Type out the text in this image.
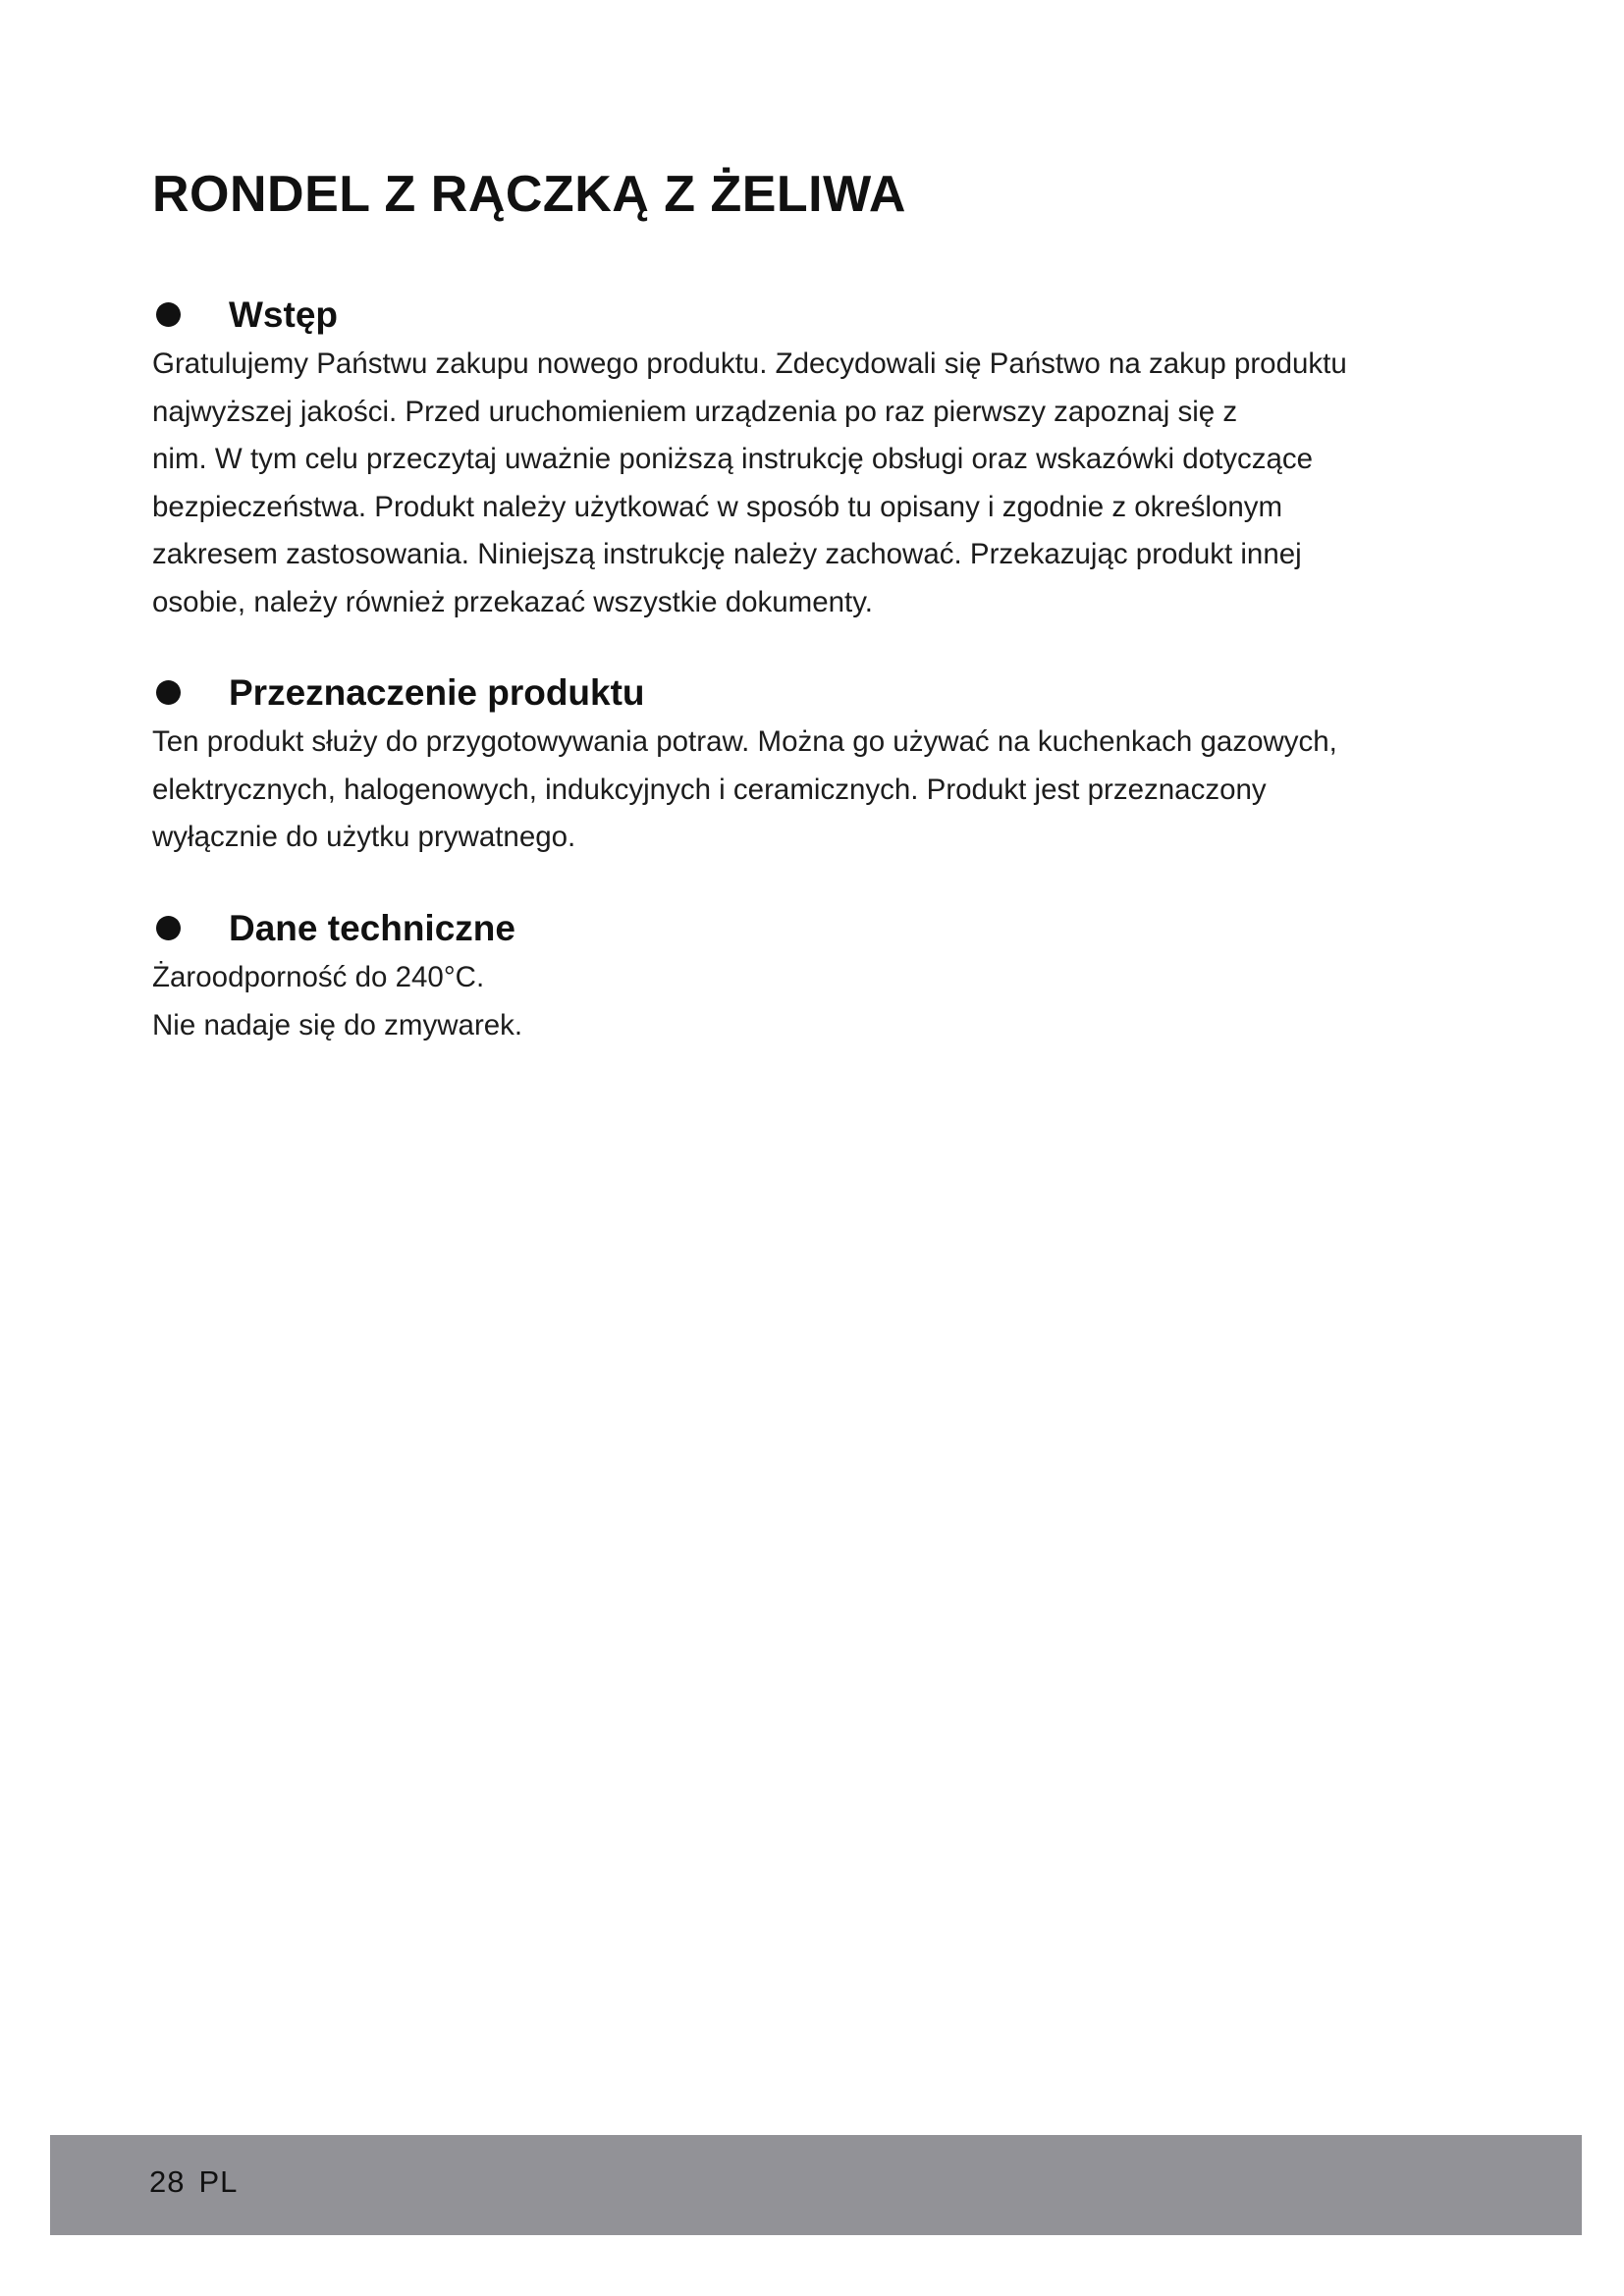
RONDEL Z RĄCZKĄ Z ŻELIWA
Wstęp

Gratulujemy Państwu zakupu nowego produktu. Zdecydowali się Państwo na zakup produktu
najwyższej jakości. Przed uruchomieniem urządzenia po raz pierwszy zapoznaj się z
nim. W tym celu przeczytaj uważnie poniższą instrukcję obsługi oraz wskazówki dotyczące
bezpieczeństwa. Produkt należy użytkować w sposób tu opisany i zgodnie z określonym
zakresem zastosowania. Niniejszą instrukcję należy zachować. Przekazując produkt innej
osobie, należy również przekazać wszystkie dokumenty.

Przeznaczenie produktu

Ten produkt służy do przygotowywania potraw. Można go używać na kuchenkach gazowych,
elektrycznych, halogenowych, indukcyjnych i ceramicznych. Produkt jest przeznaczony
wyłącznie do użytku prywatnego.

Dane techniczne

Żaroodporność do 240°C.
Nie nadaje się do zmywarek.

28 PL
